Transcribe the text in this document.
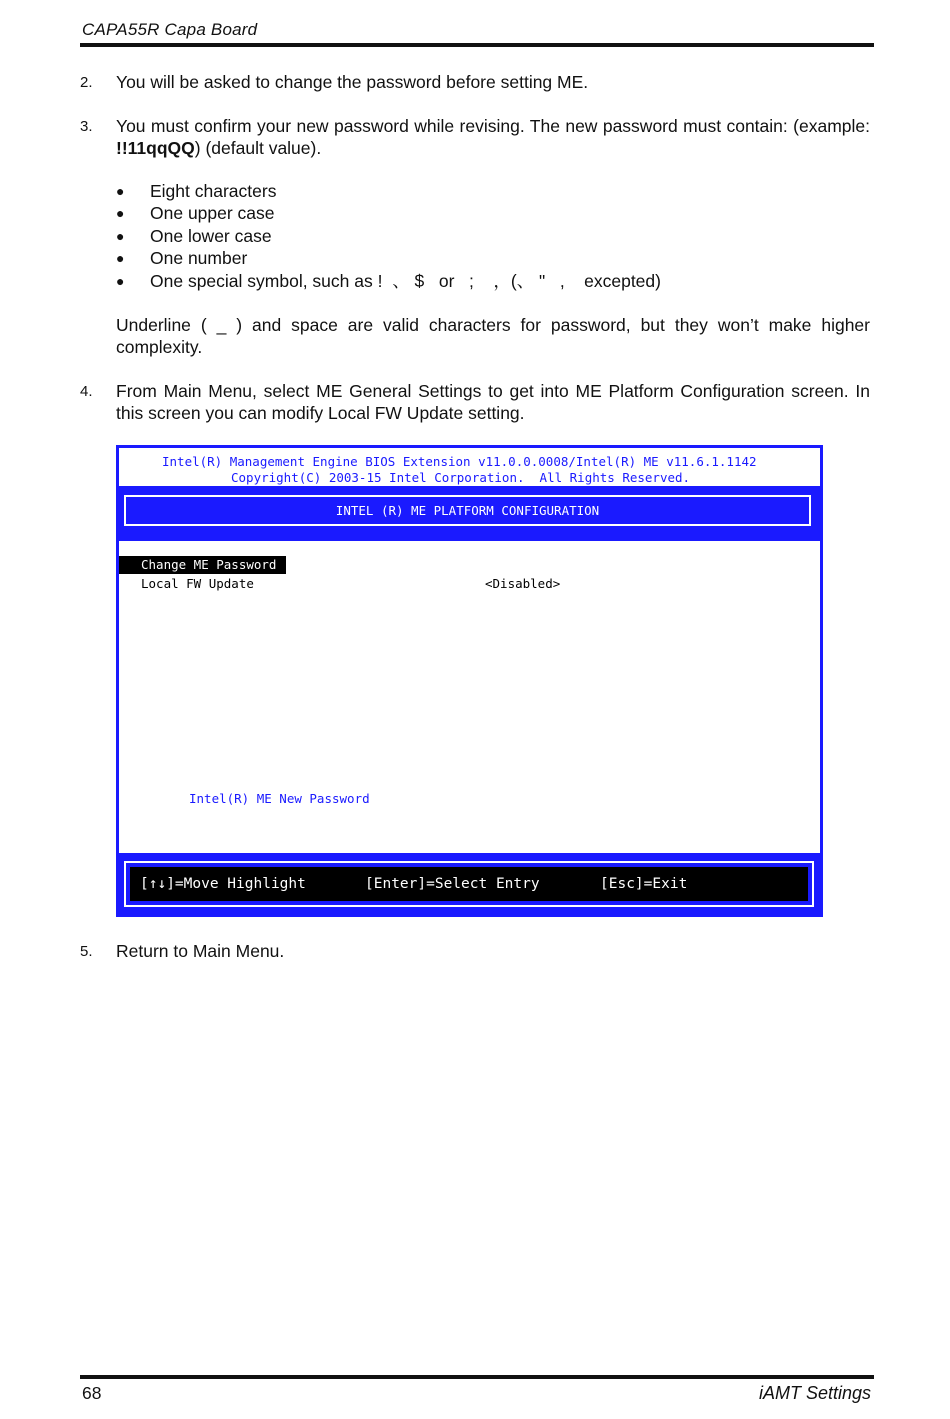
CAPA55R Capa Board
2. You will be asked to change the password before setting ME.
3. You must confirm your new password while revising. The new password must contain: (example: !!11qqQQ) (default value).
● Eight characters
● One upper case
● One lower case
● One number
● One special symbol, such as !  、 $   or   ;    ，(、 "   ,    excepted)
Underline ( _ ) and space are valid characters for password, but they won’t make higher complexity.
4. From Main Menu, select ME General Settings to get into ME Platform Configuration screen. In this screen you can modify Local FW Update setting.
Intel(R) Management Engine BIOS Extension v11.0.0.0008/Intel(R) ME v11.6.1.1142
Copyright(C) 2003-15 Intel Corporation.  All Rights Reserved.
INTEL (R) ME PLATFORM CONFIGURATION
Change ME Password
Local FW Update	<Disabled>
Intel(R) ME New Password
[↑↓]=Move Highlight	[Enter]=Select Entry	[Esc]=Exit
5. Return to Main Menu.
68	iAMT Settings
